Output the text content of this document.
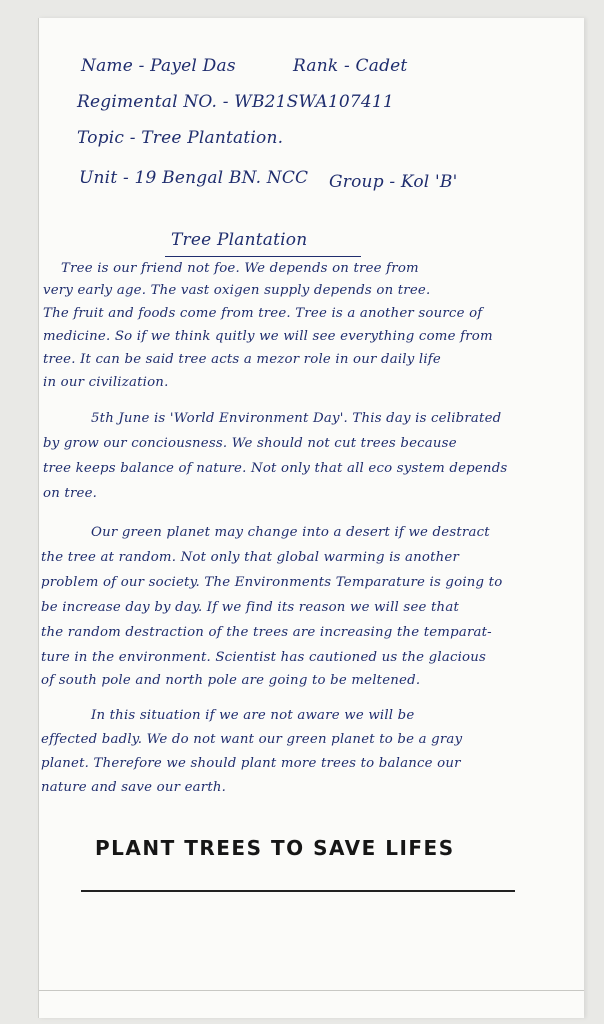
Name - Payel Das	Rank - Cadet
Regimental NO. - WB21SWA107411
Topic - Tree Plantation.
Unit - 19 Bengal BN. NCC Group - Kol 'B'
Tree Plantation
Tree is our friend not foe. We depends on tree from
very early age. The vast oxigen supply depends on tree.
The fruit and foods come from tree. Tree is a another source of
medicine. So if we think quitly we will see everything come from
tree. It can be said tree acts a mezor role in our daily life
in our civilization.
5th June is 'World Environment Day'. This day is celibrated
by grow our conciousness. We should not cut trees because
tree keeps balance of nature. Not only that all eco system depends
on tree.
Our green planet may change into a desert if we destract
the tree at random. Not only that global warming is another
problem of our society. The Environments Temparature is going to
be increase day by day. If we find its reason we will see that
the random destraction of the trees are increasing the temparat-
ture in the environment. Scientist has cautioned us the glacious
of south pole and north pole are going to be meltened.
In this situation if we are not aware we will be
effected badly. We do not want our green planet to be a gray
planet. Therefore we should plant more trees to balance our
nature and save our earth.
PLANT TREES TO SAVE LIFES
